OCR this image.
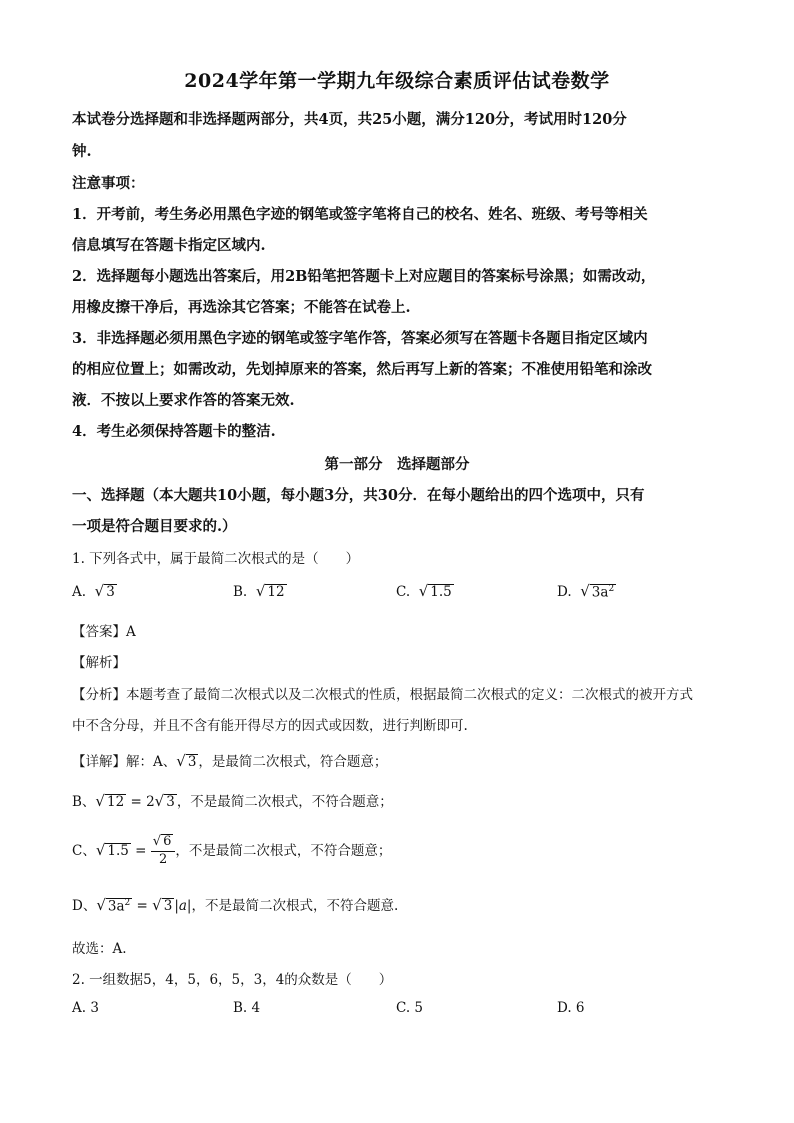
2024学年第一学期九年级综合素质评估试卷数学
本试卷分选择题和非选择题两部分，共4页，共25小题，满分120分，考试用时120分
钟.
注意事项：
1．开考前，考生务必用黑色字迹的钢笔或签字笔将自己的校名、姓名、班级、考号等相关
信息填写在答题卡指定区域内.
2．选择题每小题选出答案后，用2B铅笔把答题卡上对应题目的答案标号涂黑；如需改动，
用橡皮擦干净后，再选涂其它答案；不能答在试卷上.
3．非选择题必须用黑色字迹的钢笔或签字笔作答，答案必须写在答题卡各题目指定区域内
的相应位置上；如需改动，先划掉原来的答案，然后再写上新的答案；不准使用铅笔和涂改
液．不按以上要求作答的答案无效.
4．考生必须保持答题卡的整洁.
第一部分　选择题部分
一、选择题（本大题共10小题，每小题3分，共30分．在每小题给出的四个选项中，只有
一项是符合题目要求的.）
1. 下列各式中，属于最简二次根式的是（　　）
A. √ 3	B. √ 12	C. √ 1.5	D. √ $3a^2$
【答案】A
【解析】
【分析】本题考查了最简二次根式以及二次根式的性质，根据最简二次根式的定义：二次根式的被开方式
中不含分母，并且不含有能开得尽方的因式或因数，进行判断即可.
【详解】解：A、√ 3 ，是最简二次根式，符合题意；
B、√ 12 = 2√ 3 ，不是最简二次根式，不符合题意；
C、√ $1.5 = \frac{√ 6}{2}$ ，不是最简二次根式，不符合题意；
D、√ $3a^2$ = √ 3 |a|，不是最简二次根式，不符合题意.
故选：A.
2. 一组数据5，4，5，6，5，3，4的众数是（　　）
A. 3	B. 4	C. 5	D. 6
